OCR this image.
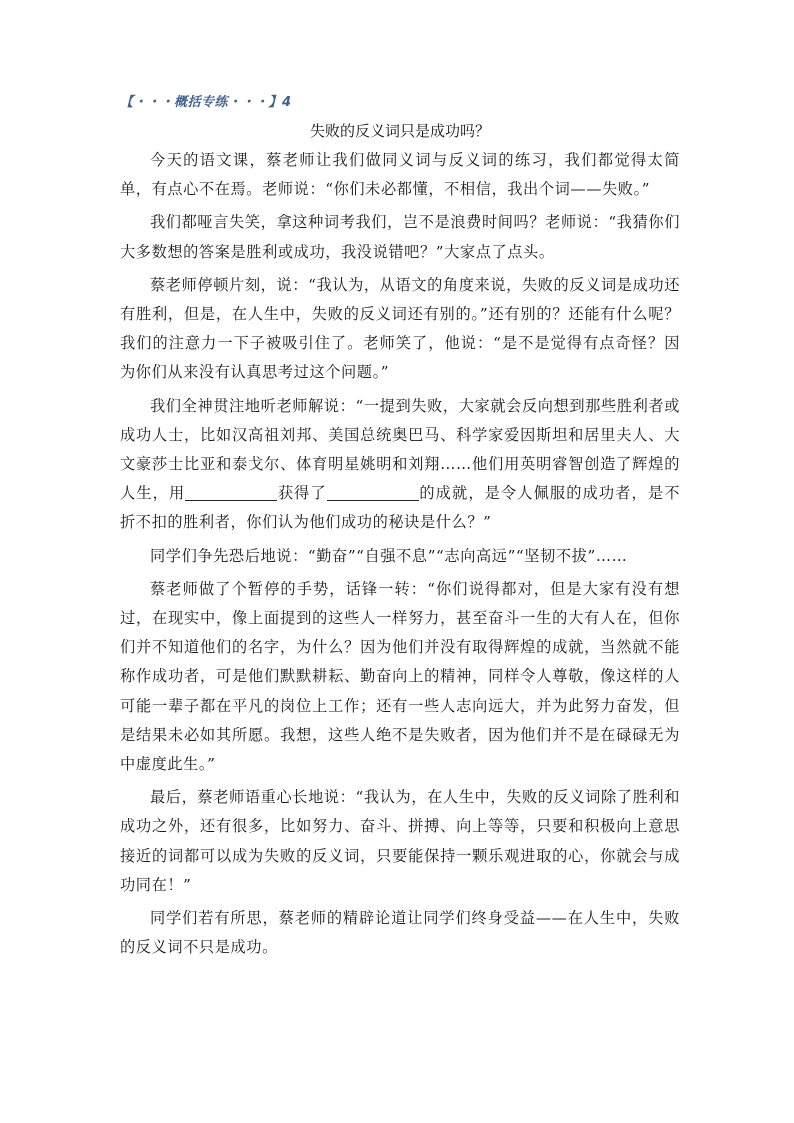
【・・・概括专练・・・】4
失败的反义词只是成功吗？

今天的语文课，蔡老师让我们做同义词与反义词的练习，我们都觉得太简单，有点心不在焉。老师说：“你们未必都懂，不相信，我出个词——失败。”

我们都哑言失笑，拿这种词考我们，岂不是浪费时间吗？老师说：“我猜你们大多数想的答案是胜利或成功，我没说错吧？”大家点了点头。

蔡老师停顿片刻，说：“我认为，从语文的角度来说，失败的反义词是成功还有胜利，但是，在人生中，失败的反义词还有别的。”还有别的？还能有什么呢？我们的注意力一下子被吸引住了。老师笑了，他说：“是不是觉得有点奇怪？因为你们从来没有认真思考过这个问题。”

我们全神贯注地听老师解说：“一提到失败，大家就会反向想到那些胜利者或成功人士，比如汉高祖刘邦、美国总统奥巴马、科学家爱因斯坦和居里夫人、大文豪莎士比亚和泰戈尔、体育明星姚明和刘翔……他们用英明睿智创造了辉煌的人生，用	获得了	的成就，是令人佩服的成功者，是不折不扣的胜利者，你们认为他们成功的秘诀是什么？”

同学们争先恐后地说：“勤奋”“自强不息”“志向高远”“坚韧不拔”……

蔡老师做了个暂停的手势，话锋一转：“你们说得都对，但是大家有没有想过，在现实中，像上面提到的这些人一样努力，甚至奋斗一生的大有人在，但你们并不知道他们的名字，为什么？因为他们并没有取得辉煌的成就，当然就不能称作成功者，可是他们默默耕耘、勤奋向上的精神，同样令人尊敬，像这样的人可能一辈子都在平凡的岗位上工作；还有一些人志向远大，并为此努力奋发，但是结果未必如其所愿。我想，这些人绝不是失败者，因为他们并不是在碌碌无为中虚度此生。”

最后，蔡老师语重心长地说：“我认为，在人生中，失败的反义词除了胜利和成功之外，还有很多，比如努力、奋斗、拼搏、向上等等，只要和积极向上意思接近的词都可以成为失败的反义词，只要能保持一颗乐观进取的心，你就会与成功同在！”

同学们若有所思，蔡老师的精辟论道让同学们终身受益——在人生中，失败的反义词不只是成功。
